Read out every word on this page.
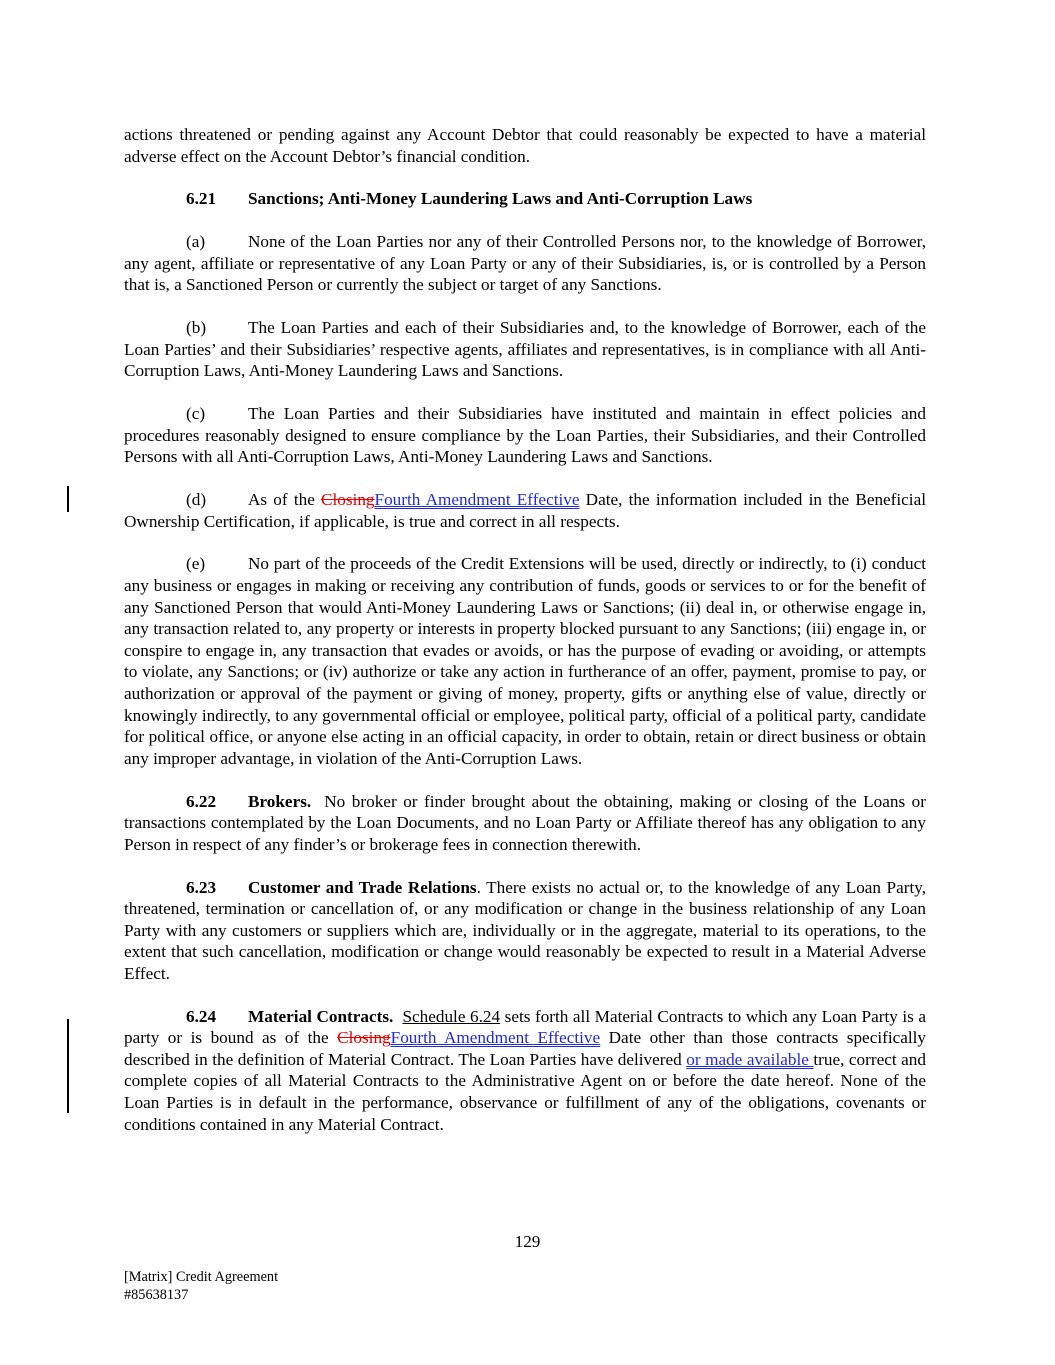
actions threatened or pending against any Account Debtor that could reasonably be expected to have a material adverse effect on the Account Debtor’s financial condition.

6.21 Sanctions; Anti-Money Laundering Laws and Anti-Corruption Laws

(a) None of the Loan Parties nor any of their Controlled Persons nor, to the knowledge of Borrower, any agent, affiliate or representative of any Loan Party or any of their Subsidiaries, is, or is controlled by a Person that is, a Sanctioned Person or currently the subject or target of any Sanctions.

(b) The Loan Parties and each of their Subsidiaries and, to the knowledge of Borrower, each of the Loan Parties’ and their Subsidiaries’ respective agents, affiliates and representatives, is in compliance with all Anti-Corruption Laws, Anti-Money Laundering Laws and Sanctions.

(c) The Loan Parties and their Subsidiaries have instituted and maintain in effect policies and procedures reasonably designed to ensure compliance by the Loan Parties, their Subsidiaries, and their Controlled Persons with all Anti-Corruption Laws, Anti-Money Laundering Laws and Sanctions.

(d) As of the ClosingFourth Amendment Effective Date, the information included in the Beneficial Ownership Certification, if applicable, is true and correct in all respects.

(e) No part of the proceeds of the Credit Extensions will be used, directly or indirectly, to (i) conduct any business or engages in making or receiving any contribution of funds, goods or services to or for the benefit of any Sanctioned Person that would Anti-Money Laundering Laws or Sanctions; (ii) deal in, or otherwise engage in, any transaction related to, any property or interests in property blocked pursuant to any Sanctions; (iii) engage in, or conspire to engage in, any transaction that evades or avoids, or has the purpose of evading or avoiding, or attempts to violate, any Sanctions; or (iv) authorize or take any action in furtherance of an offer, payment, promise to pay, or authorization or approval of the payment or giving of money, property, gifts or anything else of value, directly or knowingly indirectly, to any governmental official or employee, political party, official of a political party, candidate for political office, or anyone else acting in an official capacity, in order to obtain, retain or direct business or obtain any improper advantage, in violation of the Anti-Corruption Laws.

6.22 Brokers. No broker or finder brought about the obtaining, making or closing of the Loans or transactions contemplated by the Loan Documents, and no Loan Party or Affiliate thereof has any obligation to any Person in respect of any finder’s or brokerage fees in connection therewith.

6.23 Customer and Trade Relations. There exists no actual or, to the knowledge of any Loan Party, threatened, termination or cancellation of, or any modification or change in the business relationship of any Loan Party with any customers or suppliers which are, individually or in the aggregate, material to its operations, to the extent that such cancellation, modification or change would reasonably be expected to result in a Material Adverse Effect.

6.24 Material Contracts. Schedule 6.24 sets forth all Material Contracts to which any Loan Party is a party or is bound as of the ClosingFourth Amendment Effective Date other than those contracts specifically described in the definition of Material Contract. The Loan Parties have delivered or made available true, correct and complete copies of all Material Contracts to the Administrative Agent on or before the date hereof. None of the Loan Parties is in default in the performance, observance or fulfillment of any of the obligations, covenants or conditions contained in any Material Contract.

129
[Matrix] Credit Agreement
#85638137
